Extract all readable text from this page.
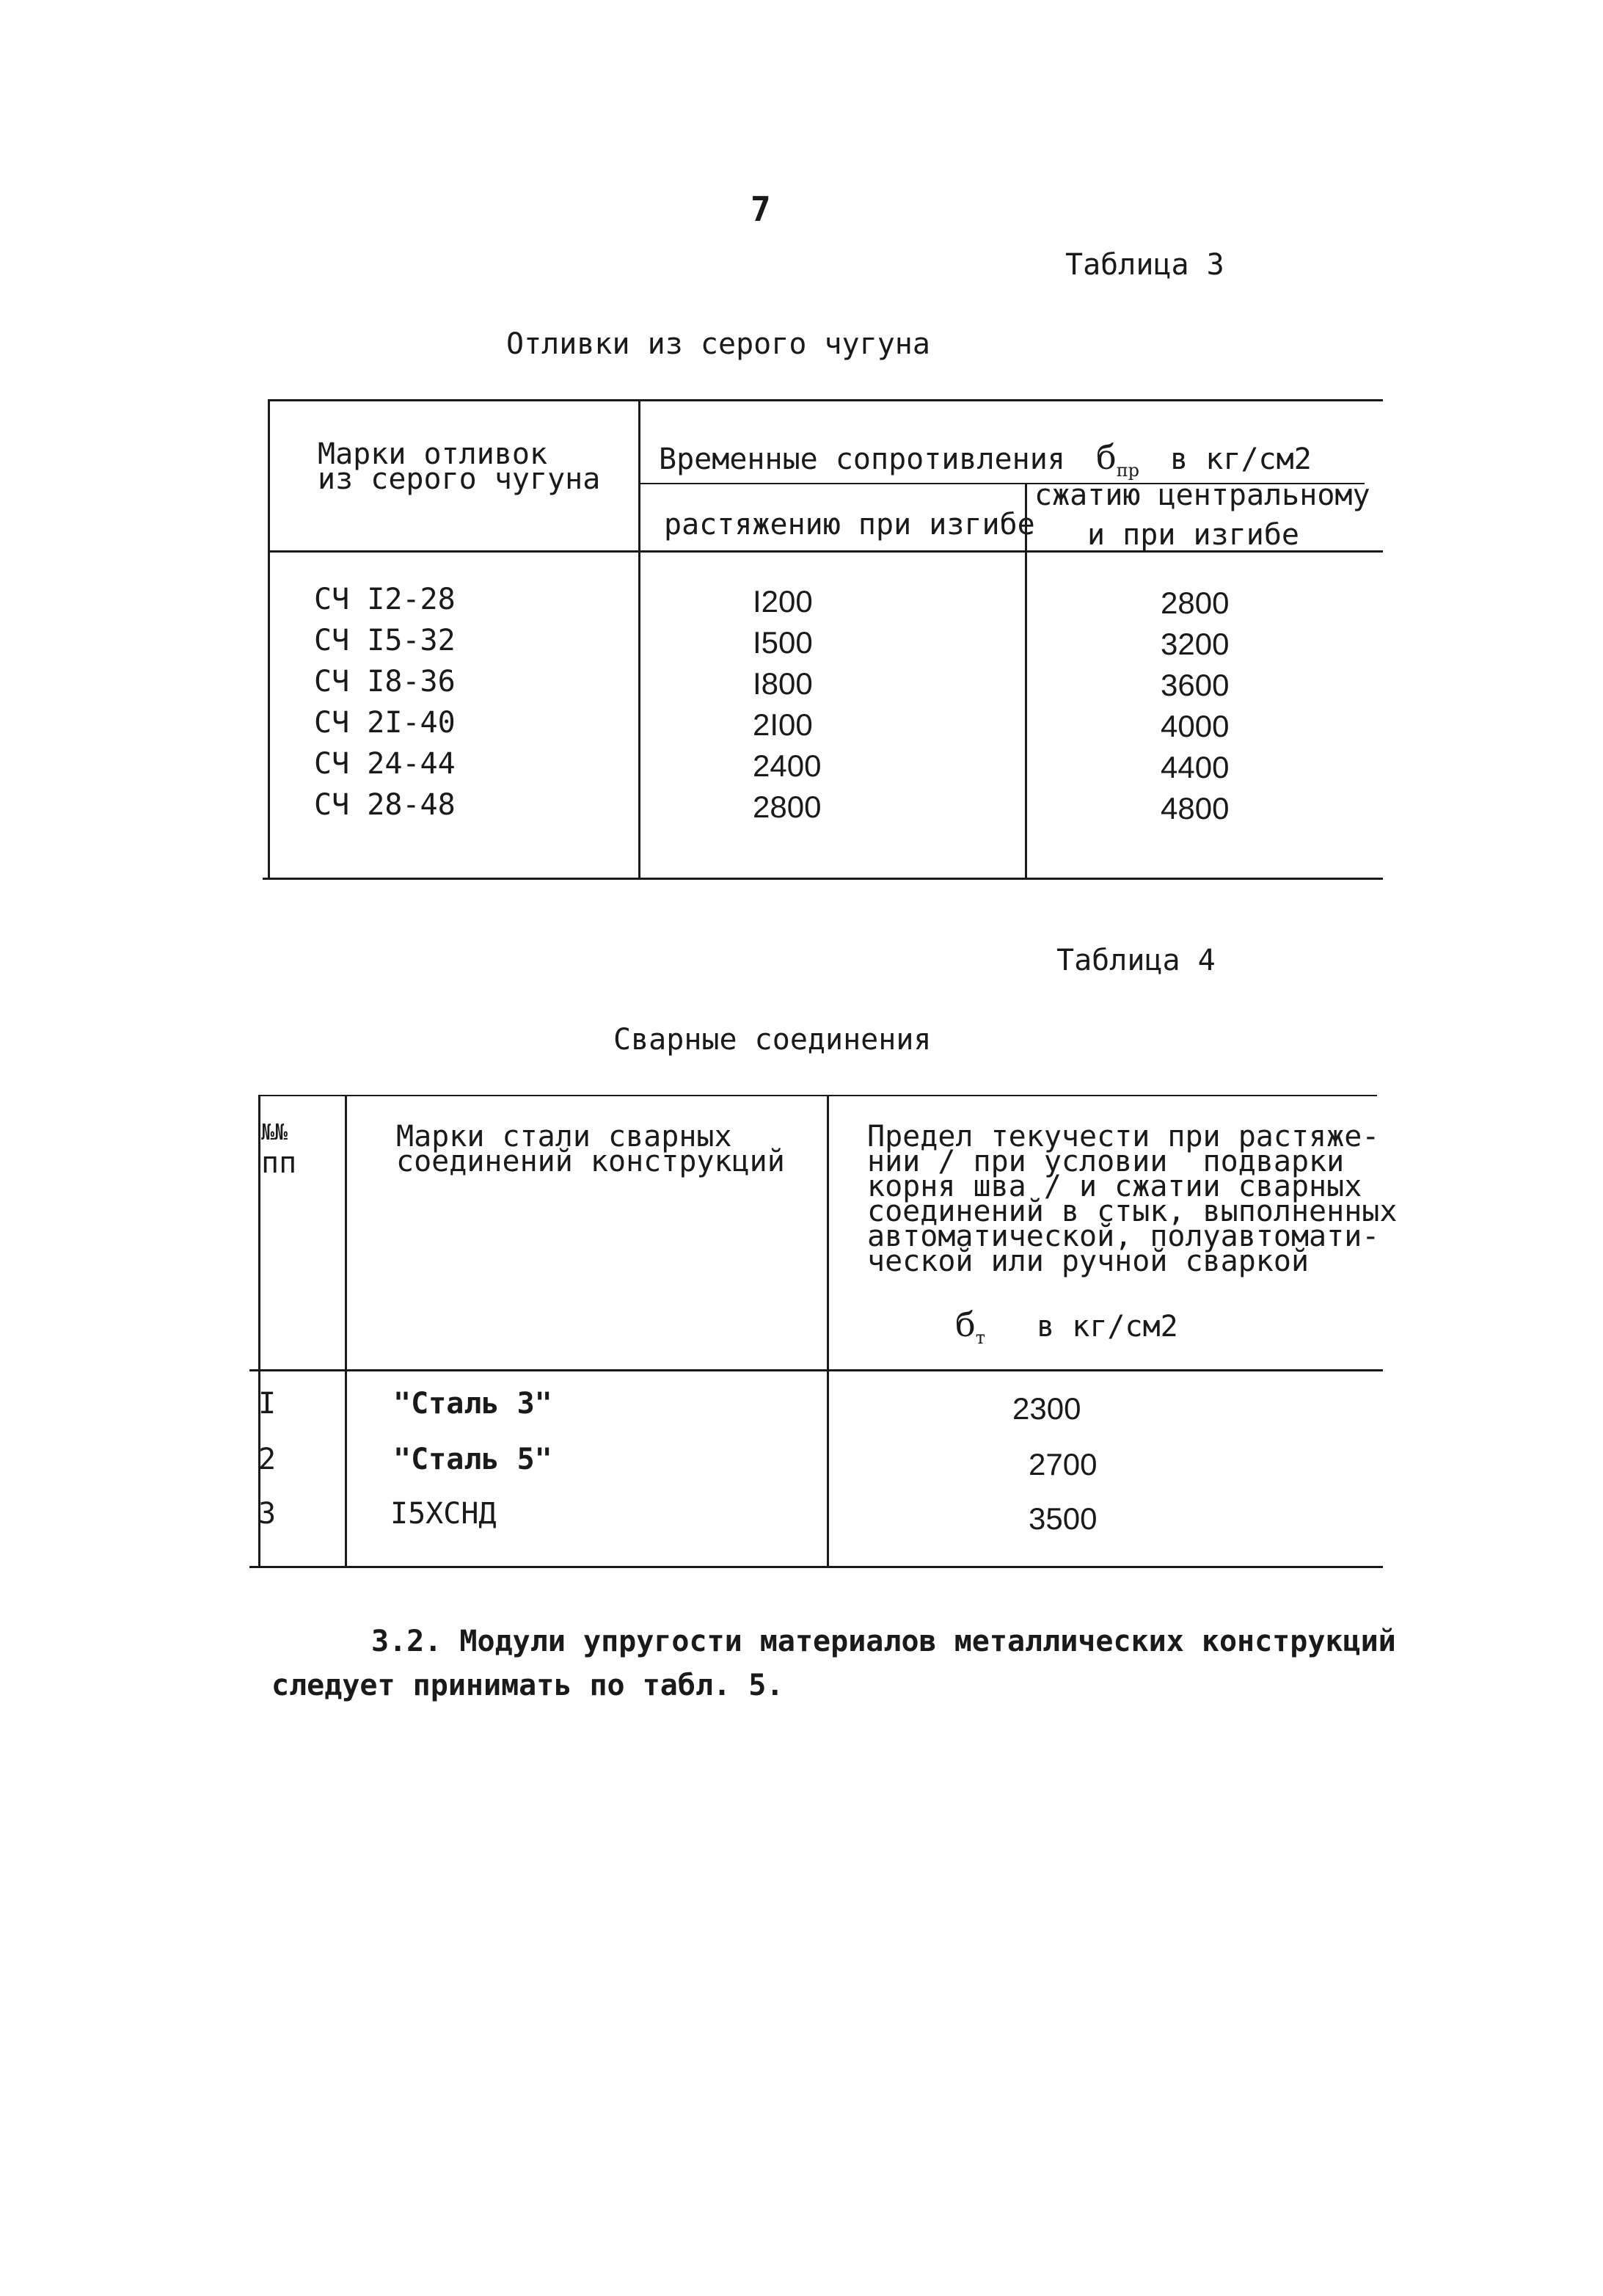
7
Таблица 3
Отливки из серого чугуна
Марки отливок
из серого чугуна
Временные сопротивления $б_{пр}$ в кг/см2
растяжению при изгибе
сжатию центральному
и при изгибе
СЧ I2-28	I200	2800
СЧ I5-32	I500	3200
СЧ I8-36	I800	3600
СЧ 2I-40	2I00	4000
СЧ 24-44	2400	4400
СЧ 28-48	2800	4800
Таблица 4
Сварные соединения
№№
пп
Марки стали сварных
соединений конструкций
Предел текучести при растяже-
нии / при условии  подварки
корня шва / и сжатии сварных
соединений в стык, выполненных
автоматической, полуавтомати-
ческой или ручной сваркой
$б_т$ в кг/см2
I	"Сталь 3"	2300
2	"Сталь 5"	2700
3	I5ХСНД	3500
3.2. Модули упругости материалов металлических конструкций
следует принимать по табл. 5.
